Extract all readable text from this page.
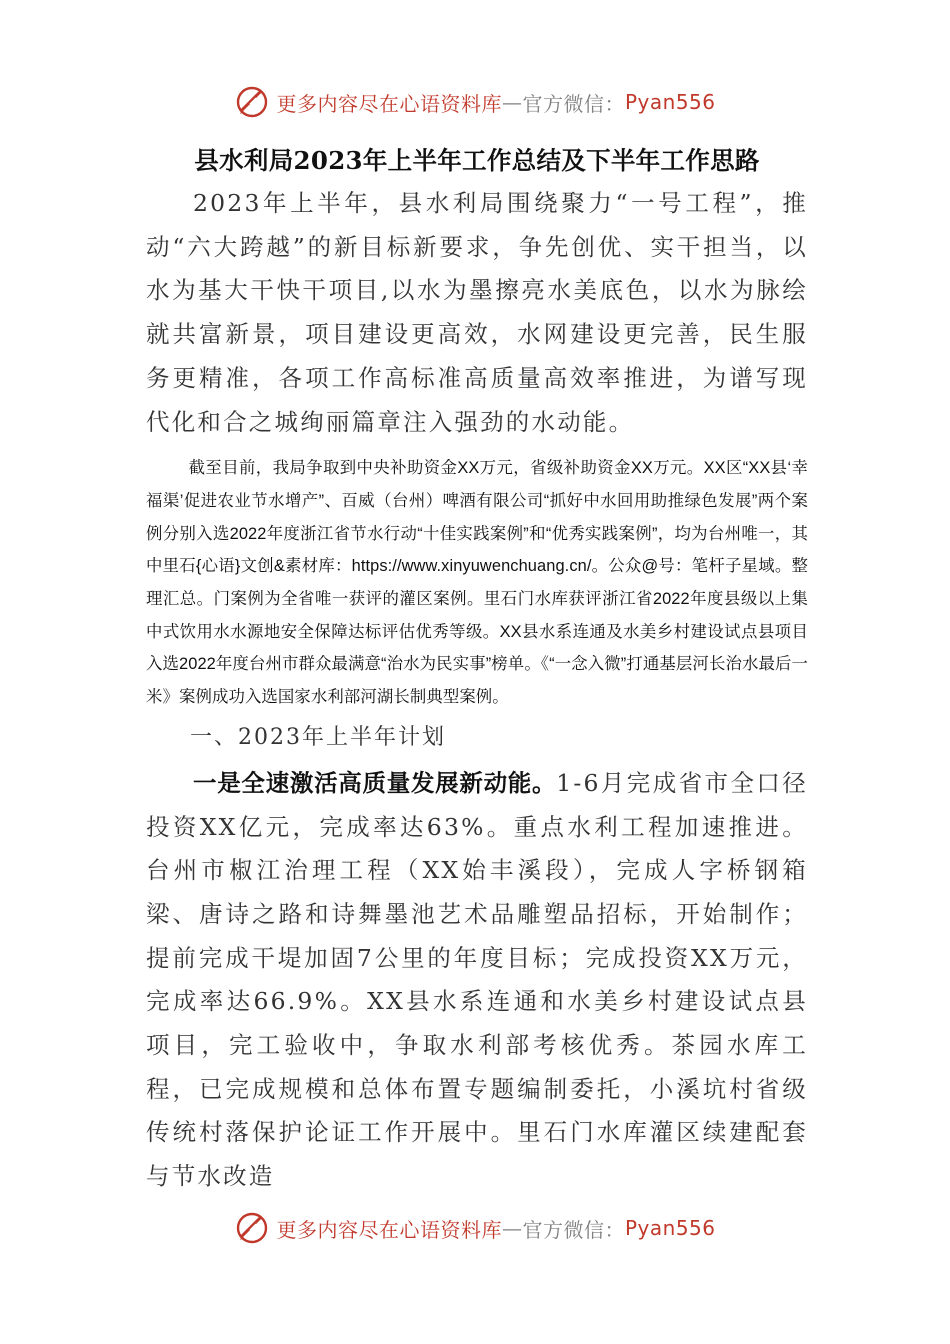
更多内容尽在心语资料库 — 官方微信： Pyan556
县水利局2023年上半年工作总结及下半年工作思路

2023年上半年，县水利局围绕聚力“一号工程”，推动“六大跨越”的新目标新要求，争先创优、实干担当，以水为基大干快干项目,以水为墨擦亮水美底色，以水为脉绘就共富新景，项目建设更高效，水网建设更完善，民生服务更精准，各项工作高标准高质量高效率推进，为谱写现代化和合之城绚丽篇章注入强劲的水动能。

截至目前，我局争取到中央补助资金XX万元，省级补助资金XX万元。XX区“XX县‘幸福渠’促进农业节水增产”、百威（台州）啤酒有限公司“抓好中水回用助推绿色发展”两个案例分别入选2022年度浙江省节水行动“十佳实践案例”和“优秀实践案例”，均为台州唯一，其中里石{心语}文创&素材库：https://www.xinyuwenchuang.cn/。公众@号：笔杆子星域。整理汇总。门案例为全省唯一获评的灌区案例。里石门水库获评浙江省2022年度县级以上集中式饮用水水源地安全保障达标评估优秀等级。XX县水系连通及水美乡村建设试点县项目入选2022年度台州市群众最满意“治水为民实事”榜单。《“一念入微”打通基层河长治水最后一米》案例成功入选国家水利部河湖长制典型案例。

一、2023年上半年计划

一是全速激活高质量发展新动能。1-6月完成省市全口径投资XX亿元，完成率达63%。重点水利工程加速推进。台州市椒江治理工程（XX始丰溪段），完成人字桥钢箱梁、唐诗之路和诗舞墨池艺术品雕塑品招标，开始制作；提前完成干堤加固7公里的年度目标；完成投资XX万元，完成率达66.9%。XX县水系连通和水美乡村建设试点县项目，完工验收中，争取水利部考核优秀。茶园水库工程，已完成规模和总体布置专题编制委托，小溪坑村省级传统村落保护论证工作开展中。里石门水库灌区续建配套与节水改造

更多内容尽在心语资料库 — 官方微信： Pyan556
